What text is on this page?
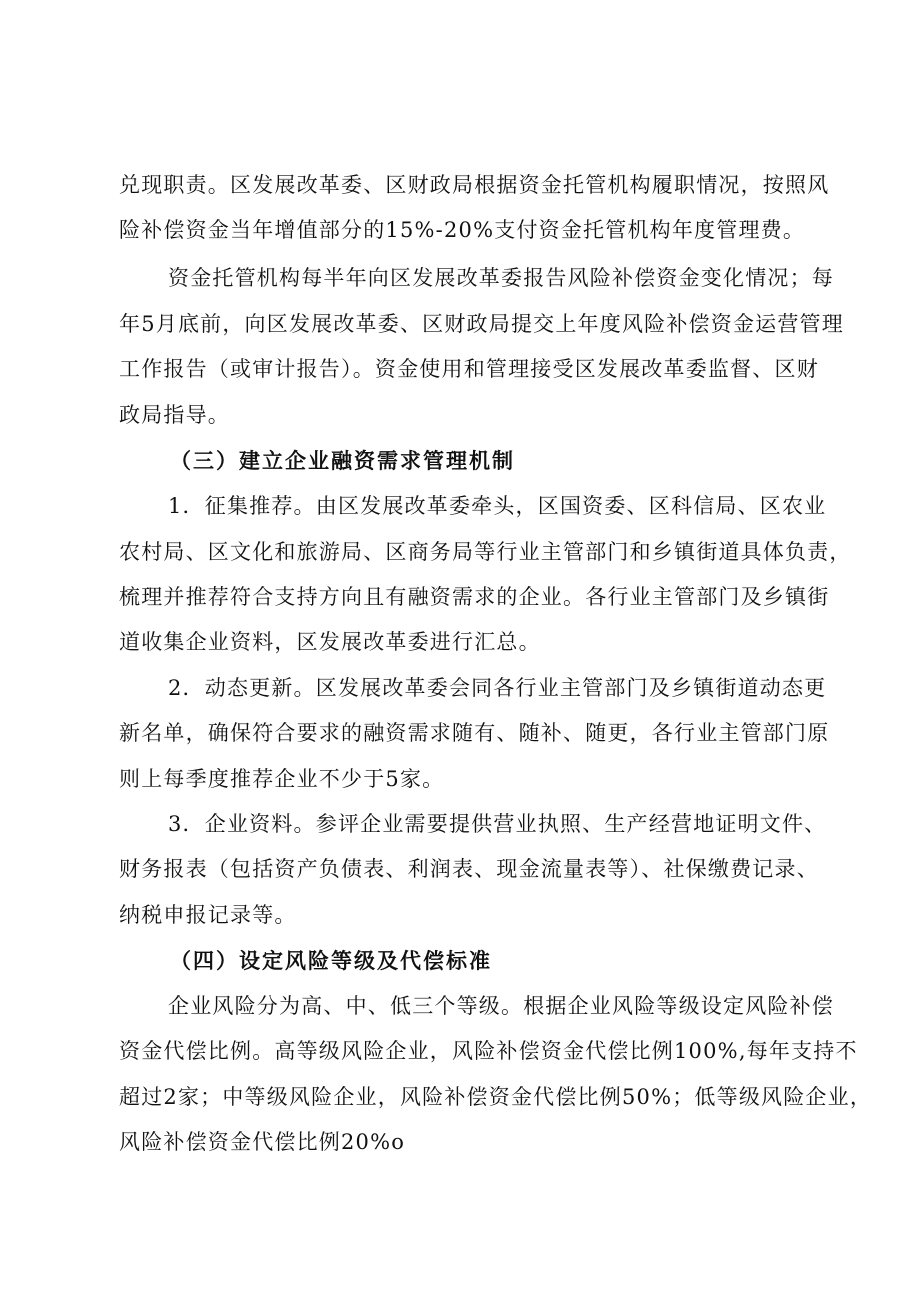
兑现职责。区发展改革委、区财政局根据资金托管机构履职情况，按照风
险补偿资金当年增值部分的15%-20%支付资金托管机构年度管理费。
资金托管机构每半年向区发展改革委报告风险补偿资金变化情况；每
年5月底前，向区发展改革委、区财政局提交上年度风险补偿资金运营管理
工作报告（或审计报告）。资金使用和管理接受区发展改革委监督、区财
政局指导。
（三）建立企业融资需求管理机制
1．征集推荐。由区发展改革委牵头，区国资委、区科信局、区农业
农村局、区文化和旅游局、区商务局等行业主管部门和乡镇街道具体负责，
梳理并推荐符合支持方向且有融资需求的企业。各行业主管部门及乡镇街
道收集企业资料，区发展改革委进行汇总。
2．动态更新。区发展改革委会同各行业主管部门及乡镇街道动态更
新名单，确保符合要求的融资需求随有、随补、随更，各行业主管部门原
则上每季度推荐企业不少于5家。
3．企业资料。参评企业需要提供营业执照、生产经营地证明文件、
财务报表（包括资产负债表、利润表、现金流量表等）、社保缴费记录、
纳税申报记录等。
（四）设定风险等级及代偿标准
企业风险分为高、中、低三个等级。根据企业风险等级设定风险补偿
资金代偿比例。高等级风险企业，风险补偿资金代偿比例100%,每年支持不
超过2家；中等级风险企业，风险补偿资金代偿比例50%；低等级风险企业，
风险补偿资金代偿比例20%o
